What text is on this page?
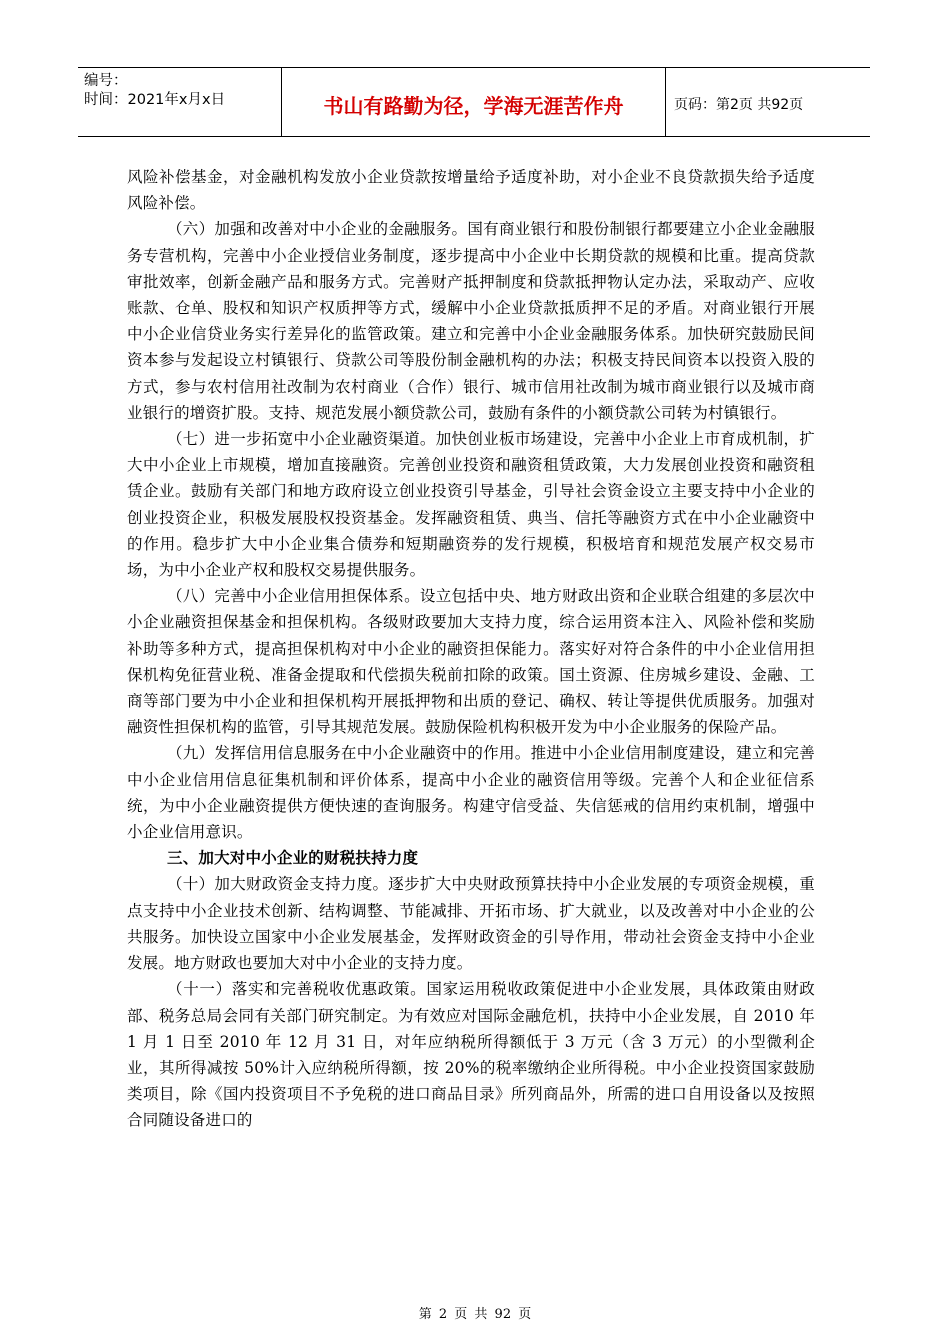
编号：
时间：2021年x月x日	书山有路勤为径，学海无涯苦作舟	页码：第2页 共92页

风险补偿基金，对金融机构发放小企业贷款按增量给予适度补助，对小企业不良贷款损失给予适度风险补偿。

（六）加强和改善对中小企业的金融服务。国有商业银行和股份制银行都要建立小企业金融服务专营机构，完善中小企业授信业务制度，逐步提高中小企业中长期贷款的规模和比重。提高贷款审批效率，创新金融产品和服务方式。完善财产抵押制度和贷款抵押物认定办法，采取动产、应收账款、仓单、股权和知识产权质押等方式，缓解中小企业贷款抵质押不足的矛盾。对商业银行开展中小企业信贷业务实行差异化的监管政策。建立和完善中小企业金融服务体系。加快研究鼓励民间资本参与发起设立村镇银行、贷款公司等股份制金融机构的办法；积极支持民间资本以投资入股的方式，参与农村信用社改制为农村商业（合作）银行、城市信用社改制为城市商业银行以及城市商业银行的增资扩股。支持、规范发展小额贷款公司，鼓励有条件的小额贷款公司转为村镇银行。

（七）进一步拓宽中小企业融资渠道。加快创业板市场建设，完善中小企业上市育成机制，扩大中小企业上市规模，增加直接融资。完善创业投资和融资租赁政策，大力发展创业投资和融资租赁企业。鼓励有关部门和地方政府设立创业投资引导基金，引导社会资金设立主要支持中小企业的创业投资企业，积极发展股权投资基金。发挥融资租赁、典当、信托等融资方式在中小企业融资中的作用。稳步扩大中小企业集合债券和短期融资券的发行规模，积极培育和规范发展产权交易市场，为中小企业产权和股权交易提供服务。

（八）完善中小企业信用担保体系。设立包括中央、地方财政出资和企业联合组建的多层次中小企业融资担保基金和担保机构。各级财政要加大支持力度，综合运用资本注入、风险补偿和奖励补助等多种方式，提高担保机构对中小企业的融资担保能力。落实好对符合条件的中小企业信用担保机构免征营业税、准备金提取和代偿损失税前扣除的政策。国土资源、住房城乡建设、金融、工商等部门要为中小企业和担保机构开展抵押物和出质的登记、确权、转让等提供优质服务。加强对融资性担保机构的监管，引导其规范发展。鼓励保险机构积极开发为中小企业服务的保险产品。

（九）发挥信用信息服务在中小企业融资中的作用。推进中小企业信用制度建设，建立和完善中小企业信用信息征集机制和评价体系，提高中小企业的融资信用等级。完善个人和企业征信系统，为中小企业融资提供方便快速的查询服务。构建守信受益、失信惩戒的信用约束机制，增强中小企业信用意识。

三、加大对中小企业的财税扶持力度

（十）加大财政资金支持力度。逐步扩大中央财政预算扶持中小企业发展的专项资金规模，重点支持中小企业技术创新、结构调整、节能减排、开拓市场、扩大就业，以及改善对中小企业的公共服务。加快设立国家中小企业发展基金，发挥财政资金的引导作用，带动社会资金支持中小企业发展。地方财政也要加大对中小企业的支持力度。

（十一）落实和完善税收优惠政策。国家运用税收政策促进中小企业发展，具体政策由财政部、税务总局会同有关部门研究制定。为有效应对国际金融危机，扶持中小企业发展，自 2010 年 1 月 1 日至 2010 年 12 月 31 日，对年应纳税所得额低于 3 万元（含 3 万元）的小型微利企业，其所得减按 50%计入应纳税所得额，按 20%的税率缴纳企业所得税。中小企业投资国家鼓励类项目，除《国内投资项目不予免税的进口商品目录》所列商品外，所需的进口自用设备以及按照合同随设备进口的

第 2 页 共 92 页
